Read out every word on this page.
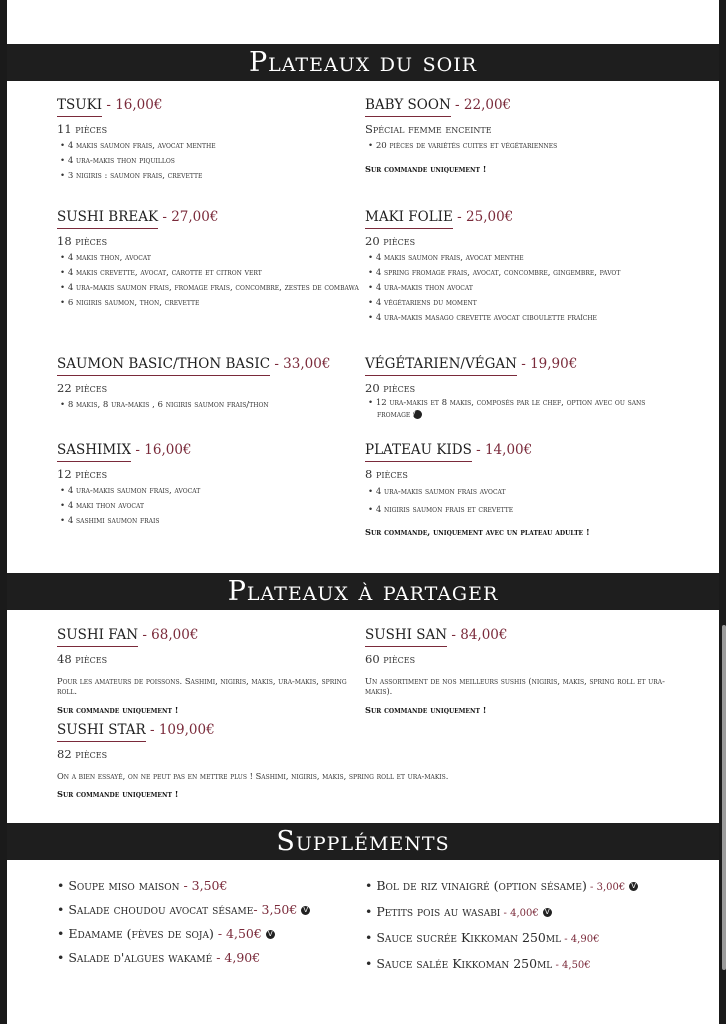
Plateaux du soir
TSUKI - 16,00€
11 pièces
• 4 makis saumon frais, avocat menthe
• 4 ura-makis thon piquillos
• 3 nigiris : saumon frais, crevette
BABY SOON - 22,00€
Spécial femme enceinte
• 20 pièces de variétés cuites et végétariennes
Sur commande uniquement !
SUSHI BREAK - 27,00€
18 pièces
• 4 makis thon, avocat
• 4 makis crevette, avocat, carotte et citron vert
• 4 ura-makis saumon frais, fromage frais, concombre, zestes de combawa
• 6 nigiris saumon, thon, crevette
MAKI FOLIE - 25,00€
20 pièces
• 4 makis saumon frais, avocat menthe
• 4 spring fromage frais, avocat, concombre, gingembre, pavot
• 4 ura-makis thon avocat
• 4 végétariens du moment
• 4 ura-makis masago crevette avocat ciboulette fraîche
SAUMON BASIC/THON BASIC - 33,00€
22 pièces
• 8 makis, 8 ura-makis , 6 nigiris saumon frais/thon
VÉGÉTARIEN/VÉGAN - 19,90€
20 pièces
• 12 ura-makis et 8 makis, composés par le chef, option avec ou sans fromage V
SASHIMIX - 16,00€
12 pièces
• 4 ura-makis saumon frais, avocat
• 4 maki thon avocat
• 4 sashimi saumon frais
PLATEAU KIDS - 14,00€
8 pièces
• 4 ura-makis saumon frais avocat
• 4 nigiris saumon frais et crevette
Sur commande, uniquement avec un plateau adulte !
Plateaux à partager
SUSHI FAN - 68,00€
48 pièces
Pour les amateurs de poissons. Sashimi, nigiris, makis, ura-makis, spring roll.
Sur commande uniquement !
SUSHI SAN - 84,00€
60 pièces
Un assortiment de nos meilleurs sushis (nigiris, makis, spring roll et ura-makis).
Sur commande uniquement !
SUSHI STAR - 109,00€
82 pièces
On a bien essayé, on ne peut pas en mettre plus ! Sashimi, nigiris, makis, spring roll et ura-makis.
Sur commande uniquement !
Suppléments
• Soupe miso maison - 3,50€
• Salade choudou avocat sésame- 3,50€ V
• Edamame (fèves de soja) - 4,50€ V
• Salade d'algues wakamé - 4,90€
• Bol de riz vinaigré (option sésame) - 3,00€ V
• Petits pois au wasabi - 4,00€ V
• Sauce sucrée Kikkoman 250ml - 4,90€
• Sauce salée Kikkoman 250ml - 4,50€
